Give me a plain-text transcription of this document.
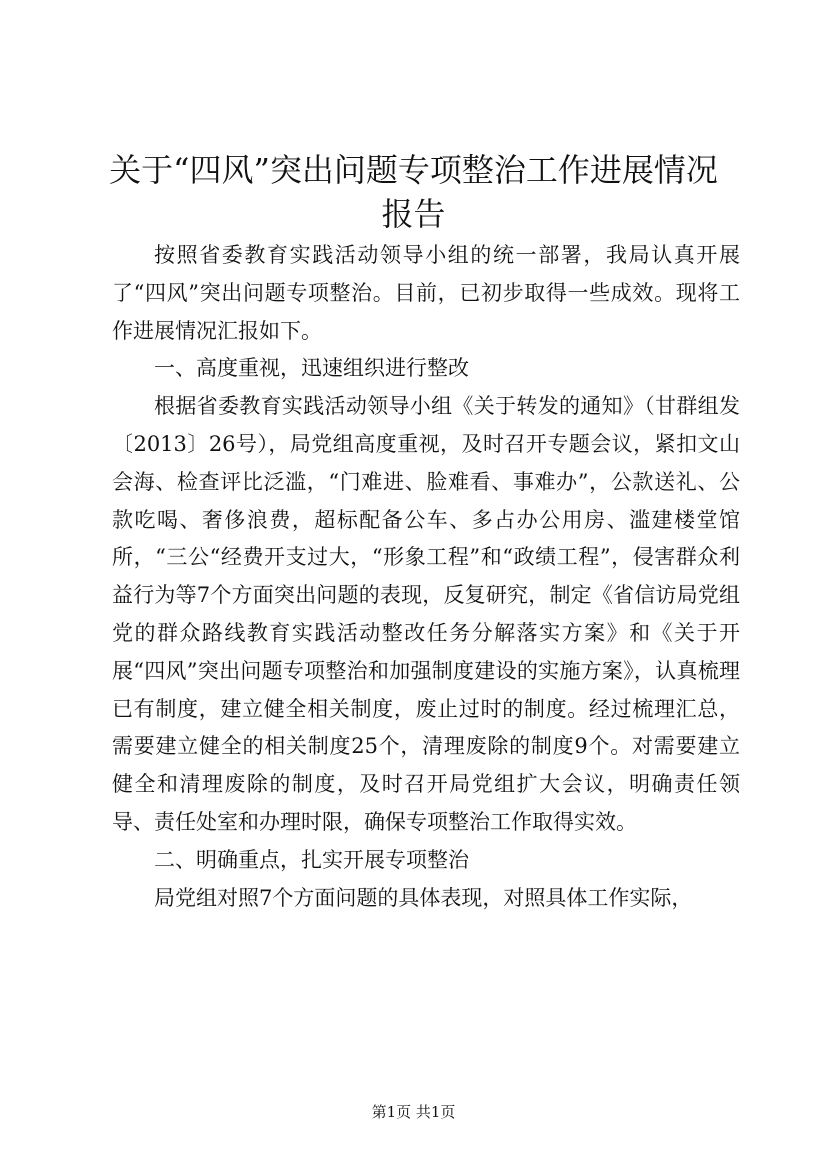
关于“四风”突出问题专项整治工作进展情况
报告

按照省委教育实践活动领导小组的统一部署，我局认真开展了“四风”突出问题专项整治。目前，已初步取得一些成效。现将工作进展情况汇报如下。

一、高度重视，迅速组织进行整改

根据省委教育实践活动领导小组《关于转发的通知》（甘群组发〔2013〕26号），局党组高度重视，及时召开专题会议，紧扣文山会海、检查评比泛滥，“门难进、脸难看、事难办”，公款送礼、公款吃喝、奢侈浪费，超标配备公车、多占办公用房、滥建楼堂馆所，“三公“经费开支过大，“形象工程”和“政绩工程”，侵害群众利益行为等7个方面突出问题的表现，反复研究，制定《省信访局党组党的群众路线教育实践活动整改任务分解落实方案》和《关于开展“四风”突出问题专项整治和加强制度建设的实施方案》，认真梳理已有制度，建立健全相关制度，废止过时的制度。经过梳理汇总，需要建立健全的相关制度25个，清理废除的制度9个。对需要建立健全和清理废除的制度，及时召开局党组扩大会议，明确责任领导、责任处室和办理时限，确保专项整治工作取得实效。

二、明确重点，扎实开展专项整治

局党组对照7个方面问题的具体表现，对照具体工作实际，

第1页 共1页
